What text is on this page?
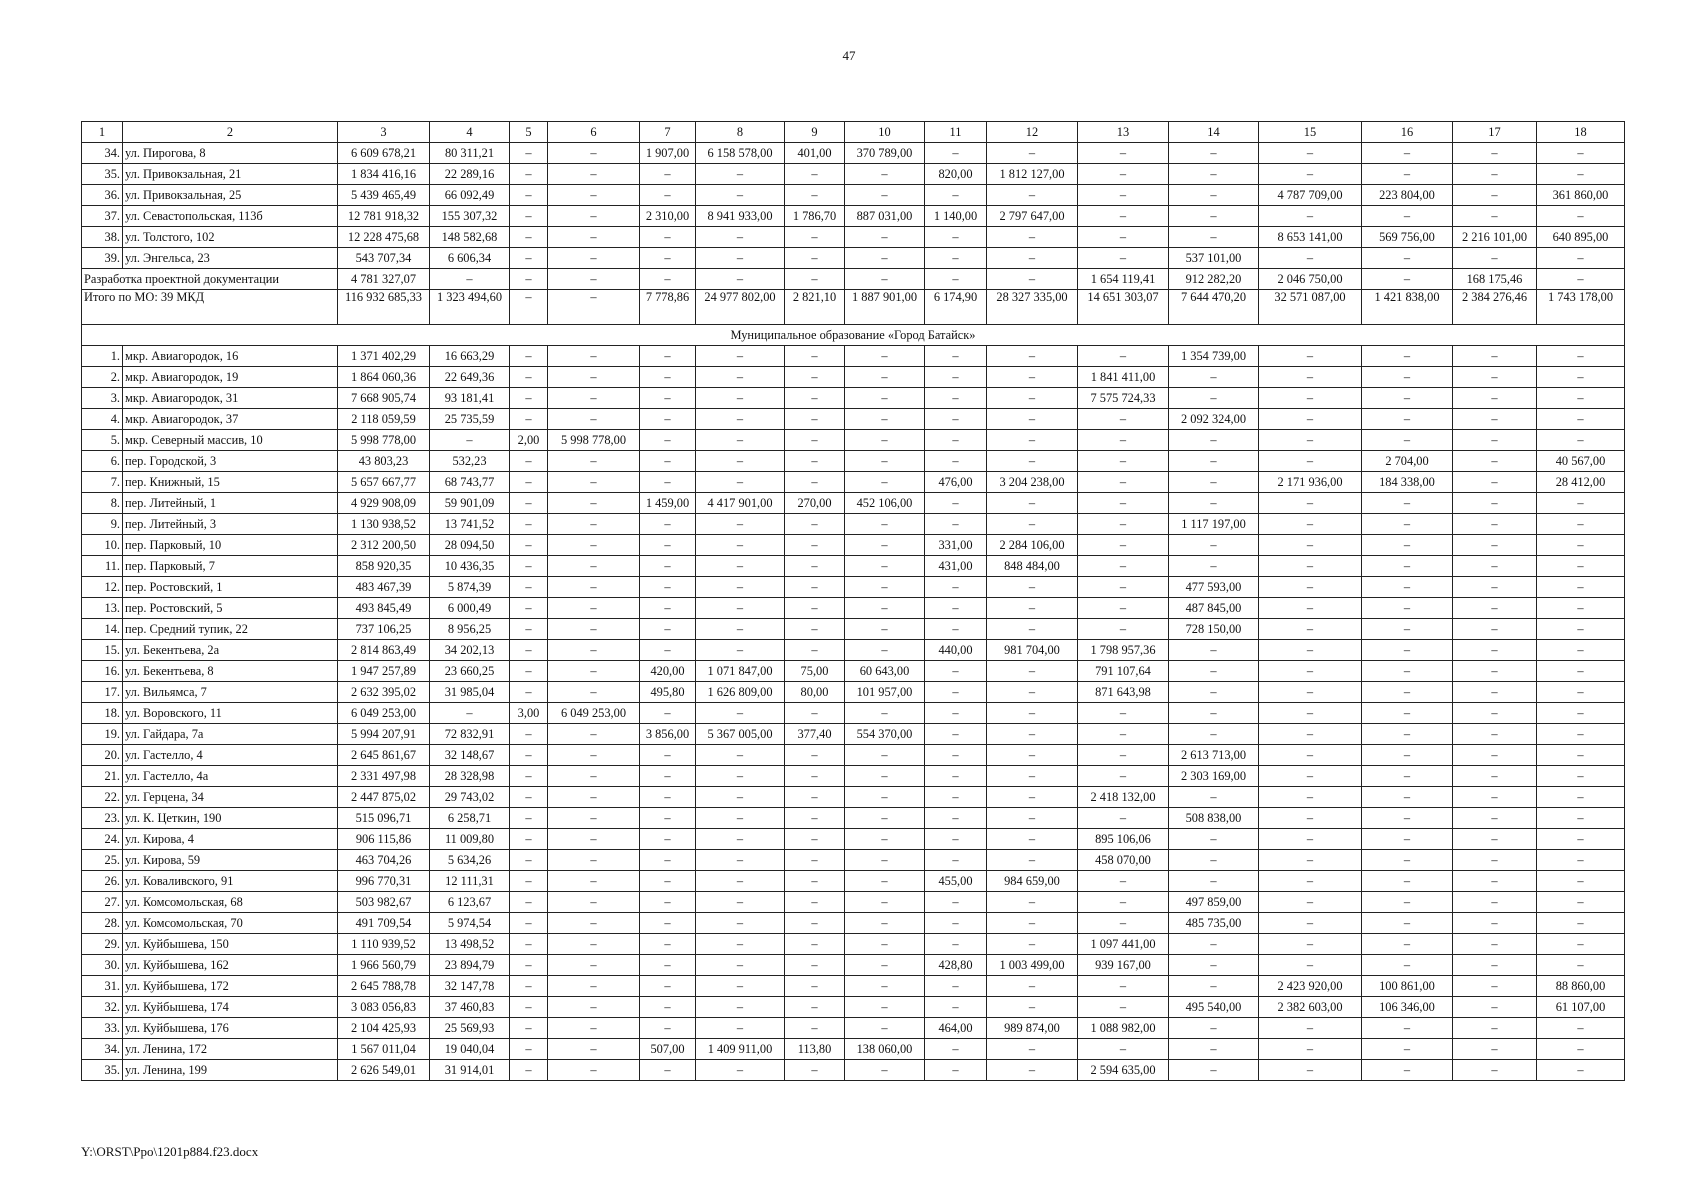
47
1	2	3	4	5	6	7	8	9	10	11	12	13	14	15	16	17	18
34.	ул. Пирогова, 8	6 609 678,21	80 311,21	–	–	1 907,00	6 158 578,00	401,00	370 789,00	–	–	–	–	–	–	–	–
35.	ул. Привокзальная, 21	1 834 416,16	22 289,16	–	–	–	–	–	–	820,00	1 812 127,00	–	–	–	–	–	–
36.	ул. Привокзальная, 25	5 439 465,49	66 092,49	–	–	–	–	–	–	–	–	–	–	4 787 709,00	223 804,00	–	361 860,00
37.	ул. Севастопольская, 113б	12 781 918,32	155 307,32	–	–	2 310,00	8 941 933,00	1 786,70	887 031,00	1 140,00	2 797 647,00	–	–	–	–	–	–
38.	ул. Толстого, 102	12 228 475,68	148 582,68	–	–	–	–	–	–	–	–	–	–	8 653 141,00	569 756,00	2 216 101,00	640 895,00
39.	ул. Энгельса, 23	543 707,34	6 606,34	–	–	–	–	–	–	–	–	–	537 101,00	–	–	–	–
Разработка проектной документации		4 781 327,07	–	–	–	–	–	–	–	–	–	1 654 119,41	912 282,20	2 046 750,00	–	168 175,46	–
Итого по МО: 39 МКД		116 932 685,33	1 323 494,60	–	–	7 778,86	24 977 802,00	2 821,10	1 887 901,00	6 174,90	28 327 335,00	14 651 303,07	7 644 470,20	32 571 087,00	1 421 838,00	2 384 276,46	1 743 178,00
Муниципальное образование «Город Батайск»																	
1.	мкр. Авиагородок, 16	1 371 402,29	16 663,29	–	–	–	–	–	–	–	–	–	1 354 739,00	–	–	–	–
2.	мкр. Авиагородок, 19	1 864 060,36	22 649,36	–	–	–	–	–	–	–	–	1 841 411,00	–	–	–	–	–
3.	мкр. Авиагородок, 31	7 668 905,74	93 181,41	–	–	–	–	–	–	–	–	7 575 724,33	–	–	–	–	–
4.	мкр. Авиагородок, 37	2 118 059,59	25 735,59	–	–	–	–	–	–	–	–	–	2 092 324,00	–	–	–	–
5.	мкр. Северный массив, 10	5 998 778,00	–	2,00	5 998 778,00	–	–	–	–	–	–	–	–	–	–	–	–
6.	пер. Городской, 3	43 803,23	532,23	–	–	–	–	–	–	–	–	–	–	–	2 704,00	–	40 567,00
7.	пер. Книжный, 15	5 657 667,77	68 743,77	–	–	–	–	–	–	476,00	3 204 238,00	–	–	2 171 936,00	184 338,00	–	28 412,00
8.	пер. Литейный, 1	4 929 908,09	59 901,09	–	–	1 459,00	4 417 901,00	270,00	452 106,00	–	–	–	–	–	–	–	–
9.	пер. Литейный, 3	1 130 938,52	13 741,52	–	–	–	–	–	–	–	–	–	1 117 197,00	–	–	–	–
10.	пер. Парковый, 10	2 312 200,50	28 094,50	–	–	–	–	–	–	331,00	2 284 106,00	–	–	–	–	–	–
11.	пер. Парковый, 7	858 920,35	10 436,35	–	–	–	–	–	–	431,00	848 484,00	–	–	–	–	–	–
12.	пер. Ростовский, 1	483 467,39	5 874,39	–	–	–	–	–	–	–	–	–	477 593,00	–	–	–	–
13.	пер. Ростовский, 5	493 845,49	6 000,49	–	–	–	–	–	–	–	–	–	487 845,00	–	–	–	–
14.	пер. Средний тупик, 22	737 106,25	8 956,25	–	–	–	–	–	–	–	–	–	728 150,00	–	–	–	–
15.	ул. Бекентьева, 2а	2 814 863,49	34 202,13	–	–	–	–	–	–	440,00	981 704,00	1 798 957,36	–	–	–	–	–
16.	ул. Бекентьева, 8	1 947 257,89	23 660,25	–	–	420,00	1 071 847,00	75,00	60 643,00	–	–	791 107,64	–	–	–	–	–
17.	ул. Вильямса, 7	2 632 395,02	31 985,04	–	–	495,80	1 626 809,00	80,00	101 957,00	–	–	871 643,98	–	–	–	–	–
18.	ул. Воровского, 11	6 049 253,00	–	3,00	6 049 253,00	–	–	–	–	–	–	–	–	–	–	–	–
19.	ул. Гайдара, 7а	5 994 207,91	72 832,91	–	–	3 856,00	5 367 005,00	377,40	554 370,00	–	–	–	–	–	–	–	–
20.	ул. Гастелло, 4	2 645 861,67	32 148,67	–	–	–	–	–	–	–	–	–	2 613 713,00	–	–	–	–
21.	ул. Гастелло, 4а	2 331 497,98	28 328,98	–	–	–	–	–	–	–	–	–	2 303 169,00	–	–	–	–
22.	ул. Герцена, 34	2 447 875,02	29 743,02	–	–	–	–	–	–	–	–	2 418 132,00	–	–	–	–	–
23.	ул. К. Цеткин, 190	515 096,71	6 258,71	–	–	–	–	–	–	–	–	–	508 838,00	–	–	–	–
24.	ул. Кирова, 4	906 115,86	11 009,80	–	–	–	–	–	–	–	–	895 106,06	–	–	–	–	–
25.	ул. Кирова, 59	463 704,26	5 634,26	–	–	–	–	–	–	–	–	458 070,00	–	–	–	–	–
26.	ул. Коваливского, 91	996 770,31	12 111,31	–	–	–	–	–	–	455,00	984 659,00	–	–	–	–	–	–
27.	ул. Комсомольская, 68	503 982,67	6 123,67	–	–	–	–	–	–	–	–	–	497 859,00	–	–	–	–
28.	ул. Комсомольская, 70	491 709,54	5 974,54	–	–	–	–	–	–	–	–	–	485 735,00	–	–	–	–
29.	ул. Куйбышева, 150	1 110 939,52	13 498,52	–	–	–	–	–	–	–	–	1 097 441,00	–	–	–	–	–
30.	ул. Куйбышева, 162	1 966 560,79	23 894,79	–	–	–	–	–	–	428,80	1 003 499,00	939 167,00	–	–	–	–	–
31.	ул. Куйбышева, 172	2 645 788,78	32 147,78	–	–	–	–	–	–	–	–	–	–	2 423 920,00	100 861,00	–	88 860,00
32.	ул. Куйбышева, 174	3 083 056,83	37 460,83	–	–	–	–	–	–	–	–	–	495 540,00	2 382 603,00	106 346,00	–	61 107,00
33.	ул. Куйбышева, 176	2 104 425,93	25 569,93	–	–	–	–	–	–	464,00	989 874,00	1 088 982,00	–	–	–	–	–
34.	ул. Ленина, 172	1 567 011,04	19 040,04	–	–	507,00	1 409 911,00	113,80	138 060,00	–	–	–	–	–	–	–	–
35.	ул. Ленина, 199	2 626 549,01	31 914,01	–	–	–	–	–	–	–	–	2 594 635,00	–	–	–	–	–
Y:\ORST\Ppo\1201p884.f23.docx
